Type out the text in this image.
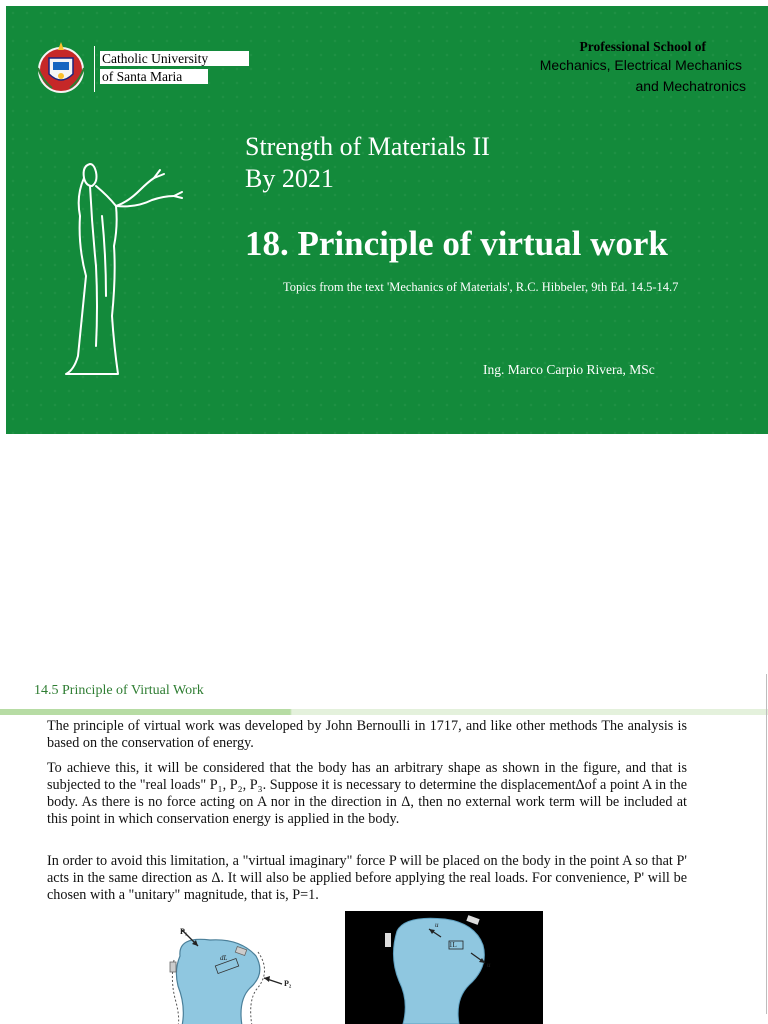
Catholic University
of Santa Maria
Professional School of
Mechanics, Electrical Mechanics
and Mechatronics
Strength of Materials II
By 2021
18. Principle of virtual work
Topics from the text 'Mechanics of Materials', R.C. Hibbeler, 9th Ed. 14.5-14.7
Ing. Marco Carpio Rivera, MSc
14.5 Principle of Virtual Work

The principle of virtual work was developed by John Bernoulli in 1717, and like other methods The analysis is based on the conservation of energy.

To achieve this, it will be considered that the body has an arbitrary shape as shown in the figure, and that is subjected to the "real loads" P₁, P₂, P₃. Suppose it is necessary to determine the displacementΔof a point A in the body. As there is no force acting on A nor in the direction in Δ, then no external work term will be included at this point in which conservation energy is applied in the body.

In order to avoid this limitation, a "virtual imaginary" force P will be placed on the body in the point A so that P' acts in the same direction as Δ. It will also be applied before applying the real loads. For convenience, P' will be chosen with a "unitary" magnitude, that is, P=1.

P₁
P₂
dL
1L
u
u
